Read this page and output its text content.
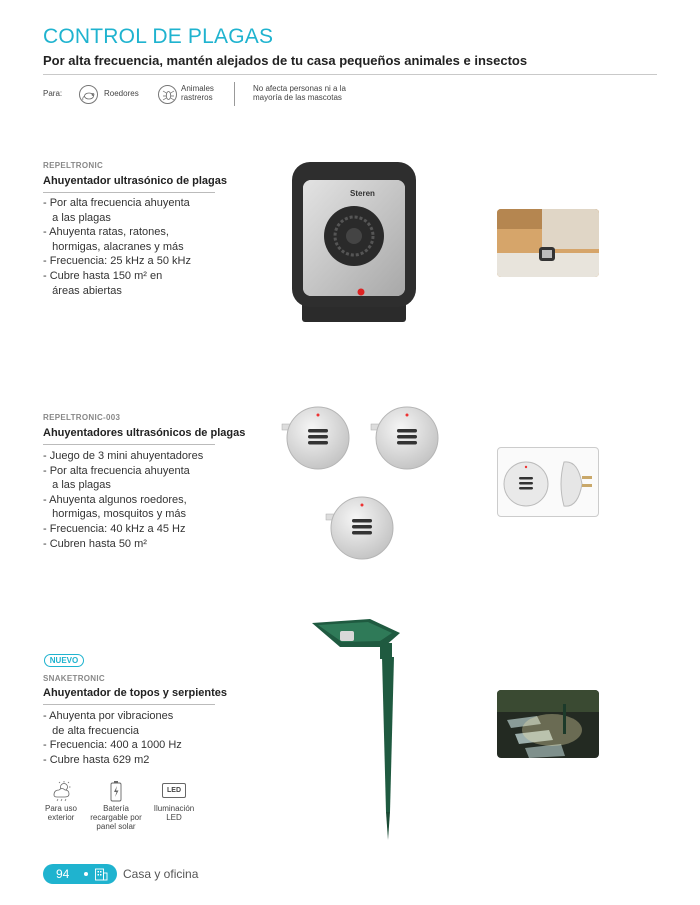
CONTROL DE PLAGAS
Por alta frecuencia, mantén alejados de tu casa pequeños animales e insectos
Para:	Roedores
Animales
rastreros
No afecta personas ni a la
mayoría de las mascotas
REPELTRONIC
Ahuyentador ultrasónico de plagas
- Por alta frecuencia ahuyenta
a las plagas
- Ahuyenta ratas, ratones,
hormigas, alacranes y más
- Frecuencia: 25 kHz a 50 kHz
- Cubre hasta 150 m² en
áreas abiertas
Steren
REPELTRONIC-003
Ahuyentadores ultrasónicos de plagas
- Juego de 3 mini ahuyentadores
- Por alta frecuencia ahuyenta
a las plagas
- Ahuyenta algunos roedores,
hormigas, mosquitos y más
- Frecuencia: 40 kHz a 45 Hz
- Cubren hasta 50 m²
NUEVO
SNAKETRONIC
Ahuyentador de topos y serpientes
- Ahuyenta por vibraciones
de alta frecuencia
- Frecuencia: 400 a 1000 Hz
- Cubre hasta 629 m2
Para uso
exterior
Batería
recargable por
panel solar
LED
Iluminación
LED
94	Casa y oficina
